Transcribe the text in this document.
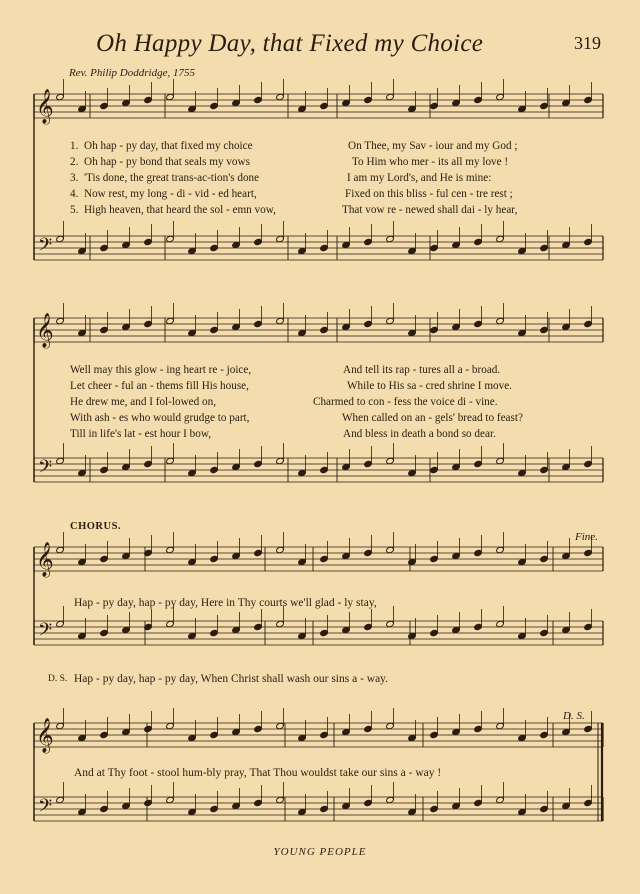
Oh Happy Day, that Fixed my Choice	319
Rev. Philip Doddridge, 1755
𝄞
𝄢
𝄞
𝄢
𝄞
𝄢
𝄞
𝄢
1. Oh hap - py day, that fixed my choice	On Thee, my Sav - iour and my God ;
2. Oh hap - py bond that seals my vows	To Him who mer - its all my love !
3. 'Tis done, the great trans-ac-tion's done	I am my Lord's, and He is mine:
4. Now rest, my long - di - vid - ed heart,	Fixed on this bliss - ful cen - tre rest ;
5. High heaven, that heard the sol - emn vow,	That vow re - newed shall dai - ly hear,
Well may this glow - ing heart re - joice,	And tell its rap - tures all a - broad.
Let cheer - ful an - thems fill His house,	While to His sa - cred shrine I move.
He drew me, and I fol-lowed on,	Charmed to con - fess the voice di - vine.
With ash - es who would grudge to part,	When called on an - gels' bread to feast?
Till in life's lat - est hour I bow,	And bless in death a bond so dear.
CHORUS.
Fine.
Hap - py day, hap - py day, Here in Thy courts we'll glad - ly stay,
D. S. Hap - py day, hap - py day, When Christ shall wash our sins a - way.
D. S.
And at Thy foot - stool hum-bly pray, That Thou wouldst take our sins a - way !
YOUNG PEOPLE
